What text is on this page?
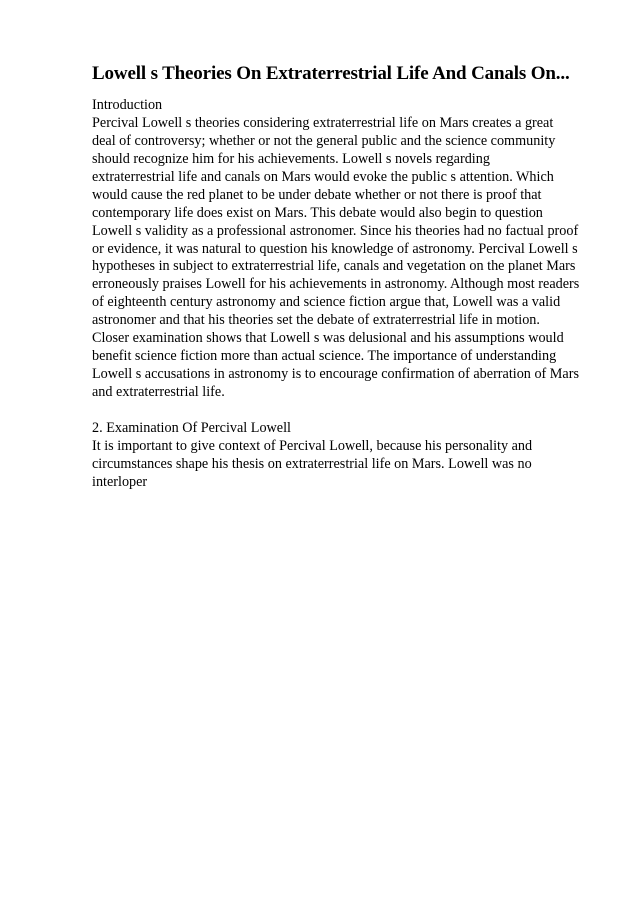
Lowell s Theories On Extraterrestrial Life And Canals On...
Introduction
Percival Lowell s theories considering extraterrestrial life on Mars creates a great
deal of controversy; whether or not the general public and the science community
should recognize him for his achievements. Lowell s novels regarding
extraterrestrial life and canals on Mars would evoke the public s attention. Which
would cause the red planet to be under debate whether or not there is proof that
contemporary life does exist on Mars. This debate would also begin to question
Lowell s validity as a professional astronomer. Since his theories had no factual proof
or evidence, it was natural to question his knowledge of astronomy. Percival Lowell s
hypotheses in subject to extraterrestrial life, canals and vegetation on the planet Mars
erroneously praises Lowell for his achievements in astronomy. Although most readers
of eighteenth century astronomy and science fiction argue that, Lowell was a valid
astronomer and that his theories set the debate of extraterrestrial life in motion.
Closer examination shows that Lowell s was delusional and his assumptions would
benefit science fiction more than actual science. The importance of understanding
Lowell s accusations in astronomy is to encourage confirmation of aberration of Mars
and extraterrestrial life.
2. Examination Of Percival Lowell
It is important to give context of Percival Lowell, because his personality and
circumstances shape his thesis on extraterrestrial life on Mars. Lowell was no
interloper
